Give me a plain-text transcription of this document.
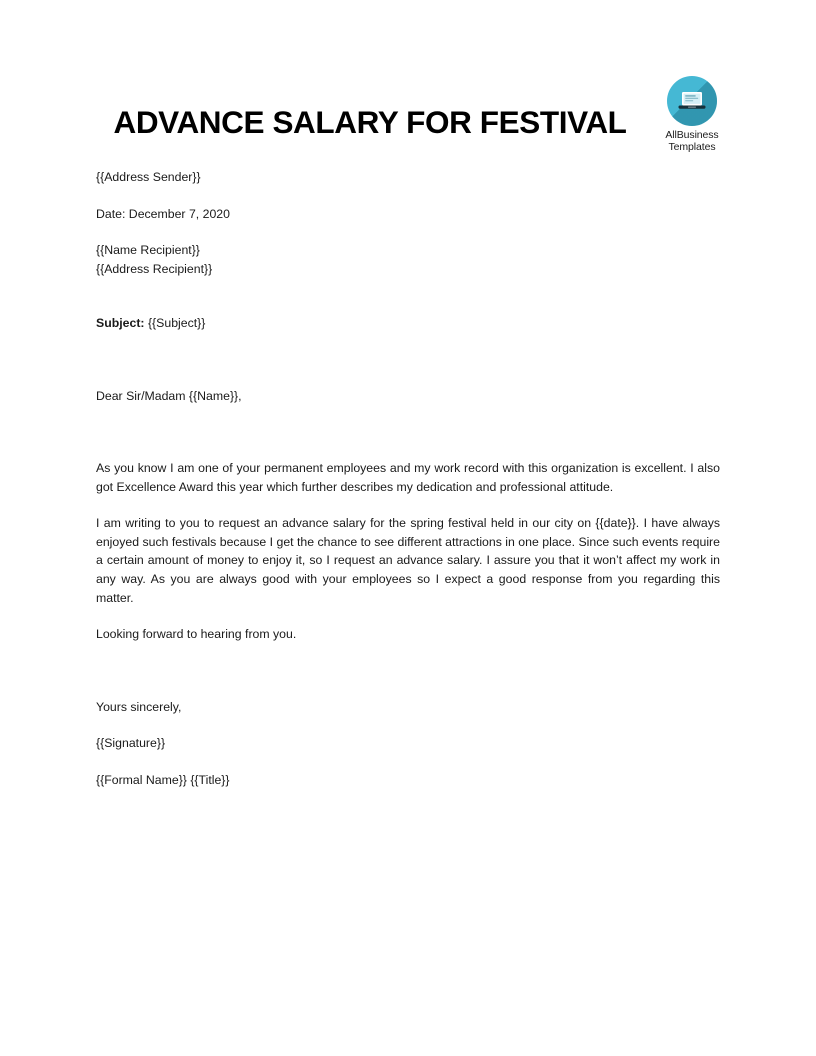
ADVANCE SALARY FOR FESTIVAL	AllBusiness
Templates
{{Address Sender}}
Date: December 7, 2020
{{Name Recipient}}
{{Address Recipient}}
Subject: {{Subject}}
Dear Sir/Madam {{Name}},
As you know I am one of your permanent employees and my work record with this organization is excellent. I also got Excellence Award this year which further describes my dedication and professional attitude.
I am writing to you to request an advance salary for the spring festival held in our city on {{date}}. I have always enjoyed such festivals because I get the chance to see different attractions in one place. Since such events require a certain amount of money to enjoy it, so I request an advance salary. I assure you that it won’t affect my work in any way. As you are always good with your employees so I expect a good response from you regarding this matter.
Looking forward to hearing from you.
Yours sincerely,
{{Signature}}
{{Formal Name}} {{Title}}
